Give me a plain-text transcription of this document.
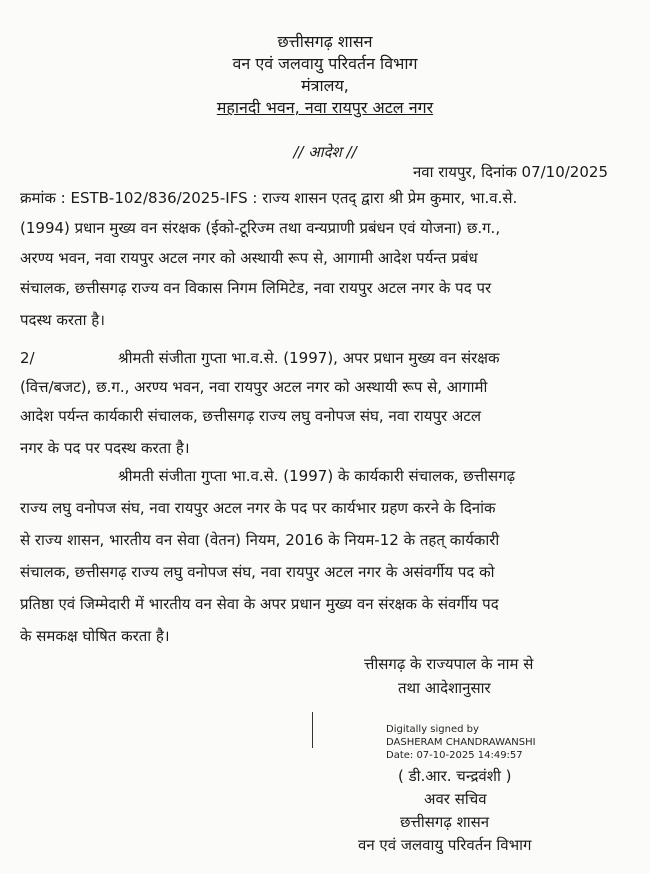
छत्तीसगढ़ शासन
वन एवं जलवायु परिवर्तन विभाग
मंत्रालय,
महानदी भवन, नवा रायपुर अटल नगर
// आदेश //
नवा रायपुर, दिनांक 07/10/2025
क्रमांक : ESTB-102/836/2025-IFS : राज्य शासन एतद् द्वारा श्री प्रेम कुमार, भा.व.से.
(1994) प्रधान मुख्य वन संरक्षक (ईको-टूरिज्म तथा वन्यप्राणी प्रबंधन एवं योजना) छ.ग.,
अरण्य भवन, नवा रायपुर अटल नगर को अस्थायी रूप से, आगामी आदेश पर्यन्त प्रबंध
संचालक, छत्तीसगढ़ राज्य वन विकास निगम लिमिटेड, नवा रायपुर अटल नगर के पद पर
पदस्थ करता है।
2/	श्रीमती संजीता गुप्ता भा.व.से. (1997), अपर प्रधान मुख्य वन संरक्षक
(वित्त/बजट), छ.ग., अरण्य भवन, नवा रायपुर अटल नगर को अस्थायी रूप से, आगामी
आदेश पर्यन्त कार्यकारी संचालक, छत्तीसगढ़ राज्य लघु वनोपज संघ, नवा रायपुर अटल
नगर के पद पर पदस्थ करता है।
श्रीमती संजीता गुप्ता भा.व.से. (1997) के कार्यकारी संचालक, छत्तीसगढ़
राज्य लघु वनोपज संघ, नवा रायपुर अटल नगर के पद पर कार्यभार ग्रहण करने के दिनांक
से राज्य शासन, भारतीय वन सेवा (वेतन) नियम, 2016 के नियम-12 के तहत् कार्यकारी
संचालक, छत्तीसगढ़ राज्य लघु वनोपज संघ, नवा रायपुर अटल नगर के असंवर्गीय पद को
प्रतिष्ठा एवं जिम्मेदारी में भारतीय वन सेवा के अपर प्रधान मुख्य वन संरक्षक के संवर्गीय पद
के समकक्ष घोषित करता है।
त्तीसगढ़ के राज्यपाल के नाम से
तथा आदेशानुसार
Digitally signed by
DASHERAM CHANDRAWANSHI
Date: 07-10-2025 14:49:57
( डी.आर. चन्द्रवंशी )
अवर सचिव
छत्तीसगढ़ शासन
वन एवं जलवायु परिवर्तन विभाग
